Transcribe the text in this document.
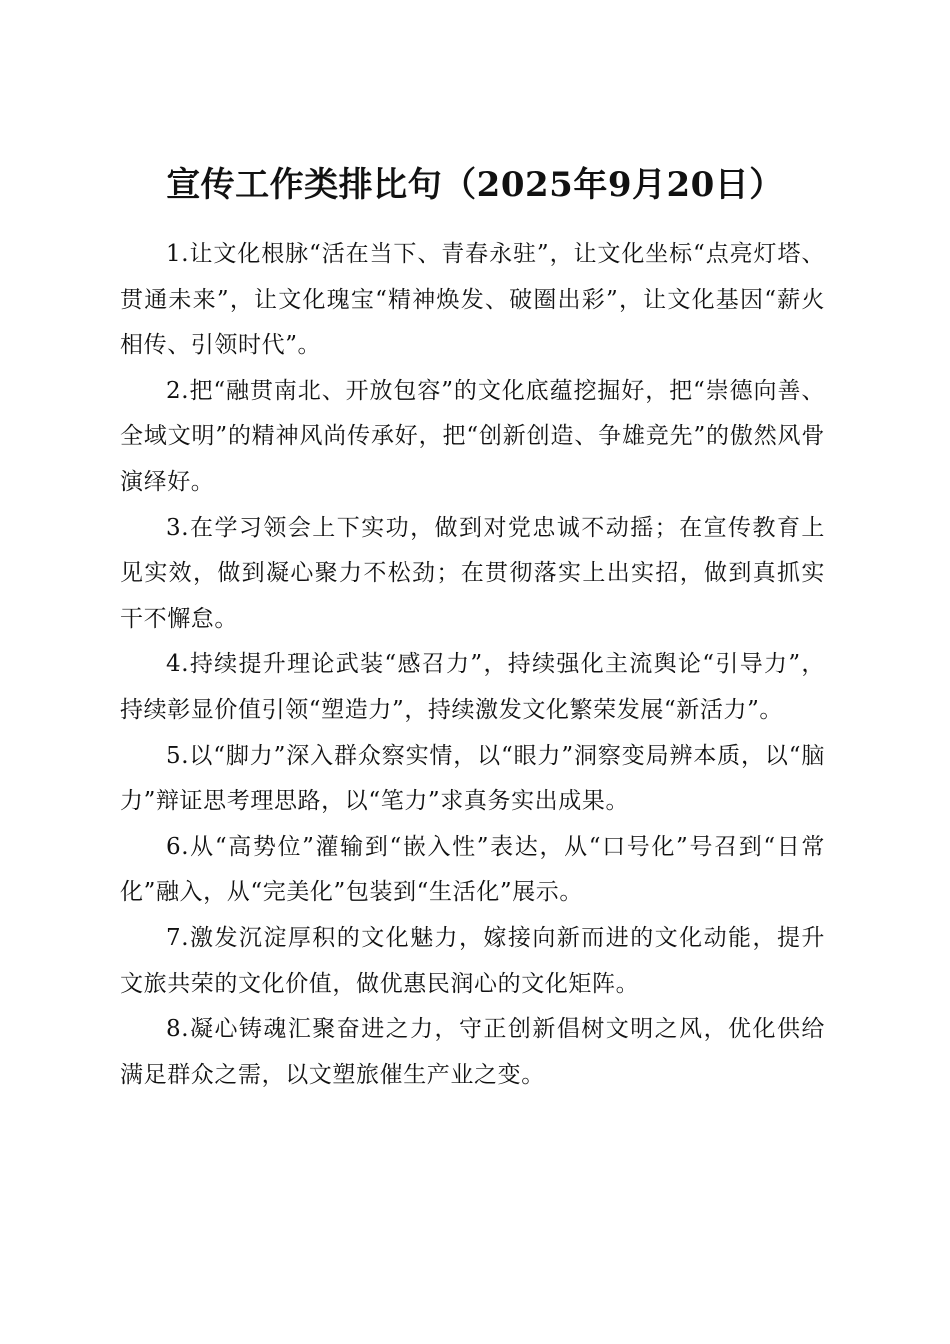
宣传工作类排比句（2025年9月20日）

1.让文化根脉“活在当下、青春永驻”，让文化坐标“点亮灯塔、贯通未来”，让文化瑰宝“精神焕发、破圈出彩”，让文化基因“薪火相传、引领时代”。

2.把“融贯南北、开放包容”的文化底蕴挖掘好，把“崇德向善、全域文明”的精神风尚传承好，把“创新创造、争雄竞先”的傲然风骨演绎好。

3.在学习领会上下实功，做到对党忠诚不动摇；在宣传教育上见实效，做到凝心聚力不松劲；在贯彻落实上出实招，做到真抓实干不懈怠。

4.持续提升理论武装“感召力”，持续强化主流舆论“引导力”，持续彰显价值引领“塑造力”，持续激发文化繁荣发展“新活力”。

5.以“脚力”深入群众察实情，以“眼力”洞察变局辨本质，以“脑力”辩证思考理思路，以“笔力”求真务实出成果。

6.从“高势位”灌输到“嵌入性”表达，从“口号化”号召到“日常化”融入，从“完美化”包装到“生活化”展示。

7.激发沉淀厚积的文化魅力，嫁接向新而进的文化动能，提升文旅共荣的文化价值，做优惠民润心的文化矩阵。

8.凝心铸魂汇聚奋进之力，守正创新倡树文明之风，优化供给满足群众之需，以文塑旅催生产业之变。
